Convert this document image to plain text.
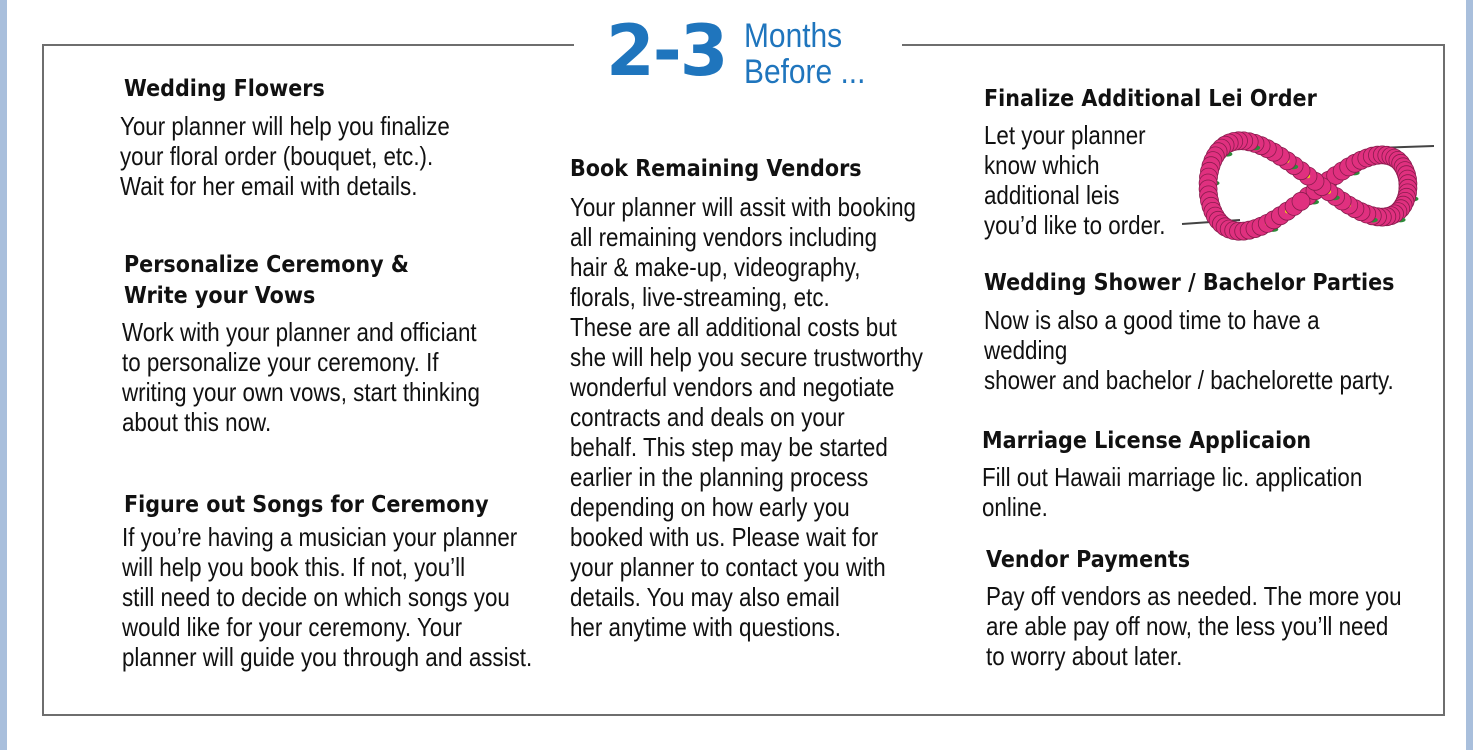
2-3 Months
Before ...
Wedding Flowers
Your planner will help you finalize
your floral order (bouquet, etc.).
Wait for her email with details.
Personalize Ceremony &
Write your Vows
Work with your planner and officiant
to personalize your ceremony. If
writing your own vows, start thinking
about this now.
Figure out Songs for Ceremony
If you’re having a musician your planner
will help you book this. If not, you’ll
still need to decide on which songs you
would like for your ceremony. Your
planner will guide you through and assist.
Book Remaining Vendors
Your planner will assit with booking
all remaining vendors including
hair & make-up, videography,
florals, live-streaming, etc.
These are all additional costs but
she will help you secure trustworthy
wonderful vendors and negotiate
contracts and deals on your
behalf. This step may be started
earlier in the planning process
depending on how early you
booked with us. Please wait for
your planner to contact you with
details. You may also email
her anytime with questions.
Finalize Additional Lei Order
Let your planner
know which
additional leis
you’d like to order.
Wedding Shower / Bachelor Parties
Now is also a good time to have a wedding
shower and bachelor / bachelorette party.
Marriage License Applicaion
Fill out Hawaii marriage lic. application online.
Vendor Payments
Pay off vendors as needed. The more you
are able pay off now, the less you’ll need
to worry about later.
